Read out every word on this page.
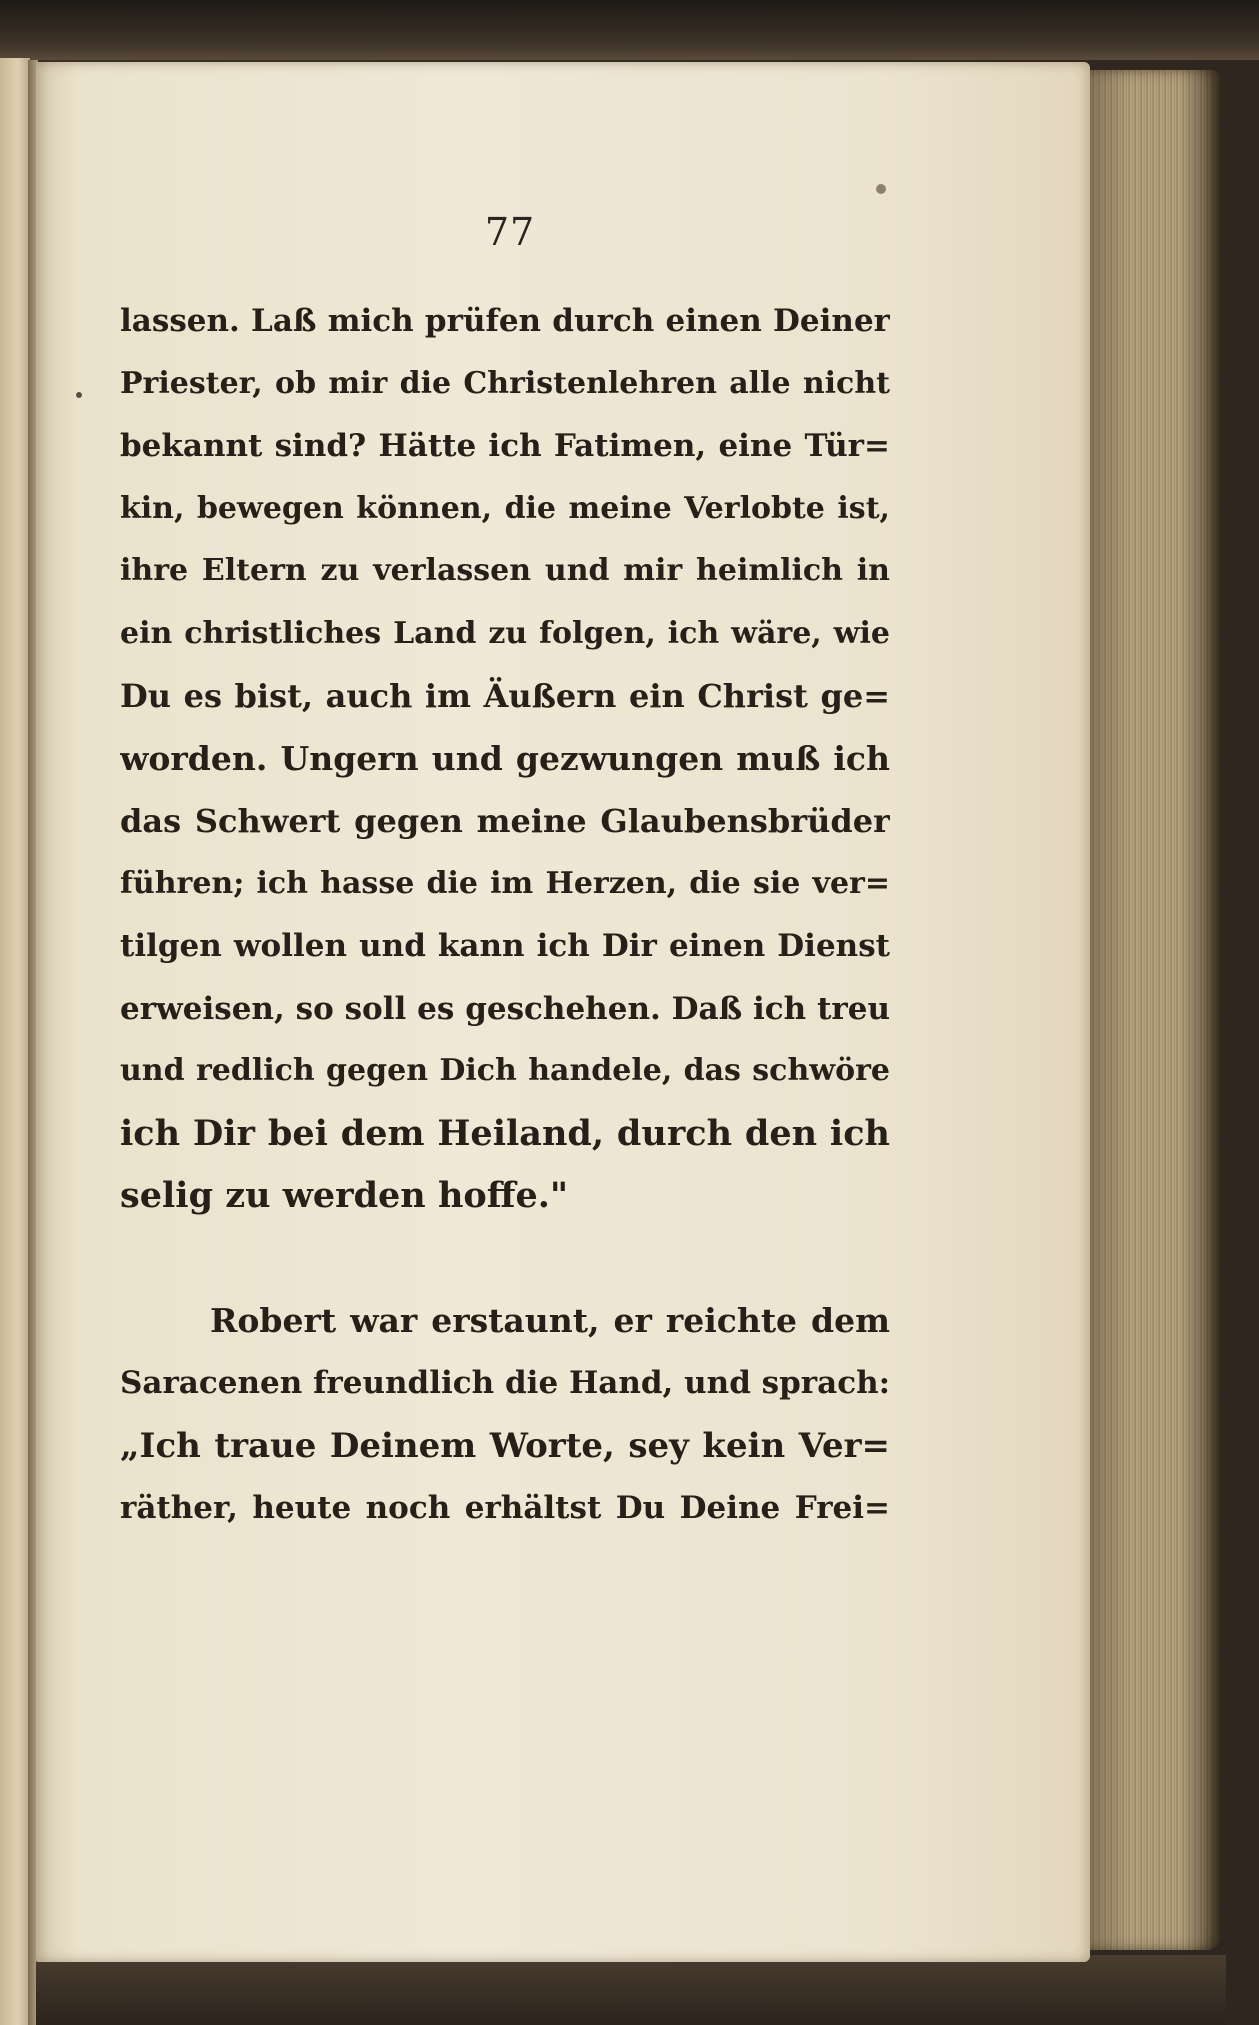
77
lassen. Laß mich prüfen durch einen Deiner
Priester, ob mir die Christenlehren alle nicht
bekannt sind? Hätte ich Fatimen, eine Tür=
kin, bewegen können, die meine Verlobte ist,
ihre Eltern zu verlassen und mir heimlich in
ein christliches Land zu folgen, ich wäre, wie
Du es bist, auch im Äußern ein Christ ge=
worden. Ungern und gezwungen muß ich
das Schwert gegen meine Glaubensbrüder
führen; ich hasse die im Herzen, die sie ver=
tilgen wollen und kann ich Dir einen Dienst
erweisen, so soll es geschehen. Daß ich treu
und redlich gegen Dich handele, das schwöre
ich Dir bei dem Heiland, durch den ich
selig zu werden hoffe."
Robert war erstaunt, er reichte dem
Saracenen freundlich die Hand, und sprach:
„Ich traue Deinem Worte, sey kein Ver=
räther, heute noch erhältst Du Deine Frei=
